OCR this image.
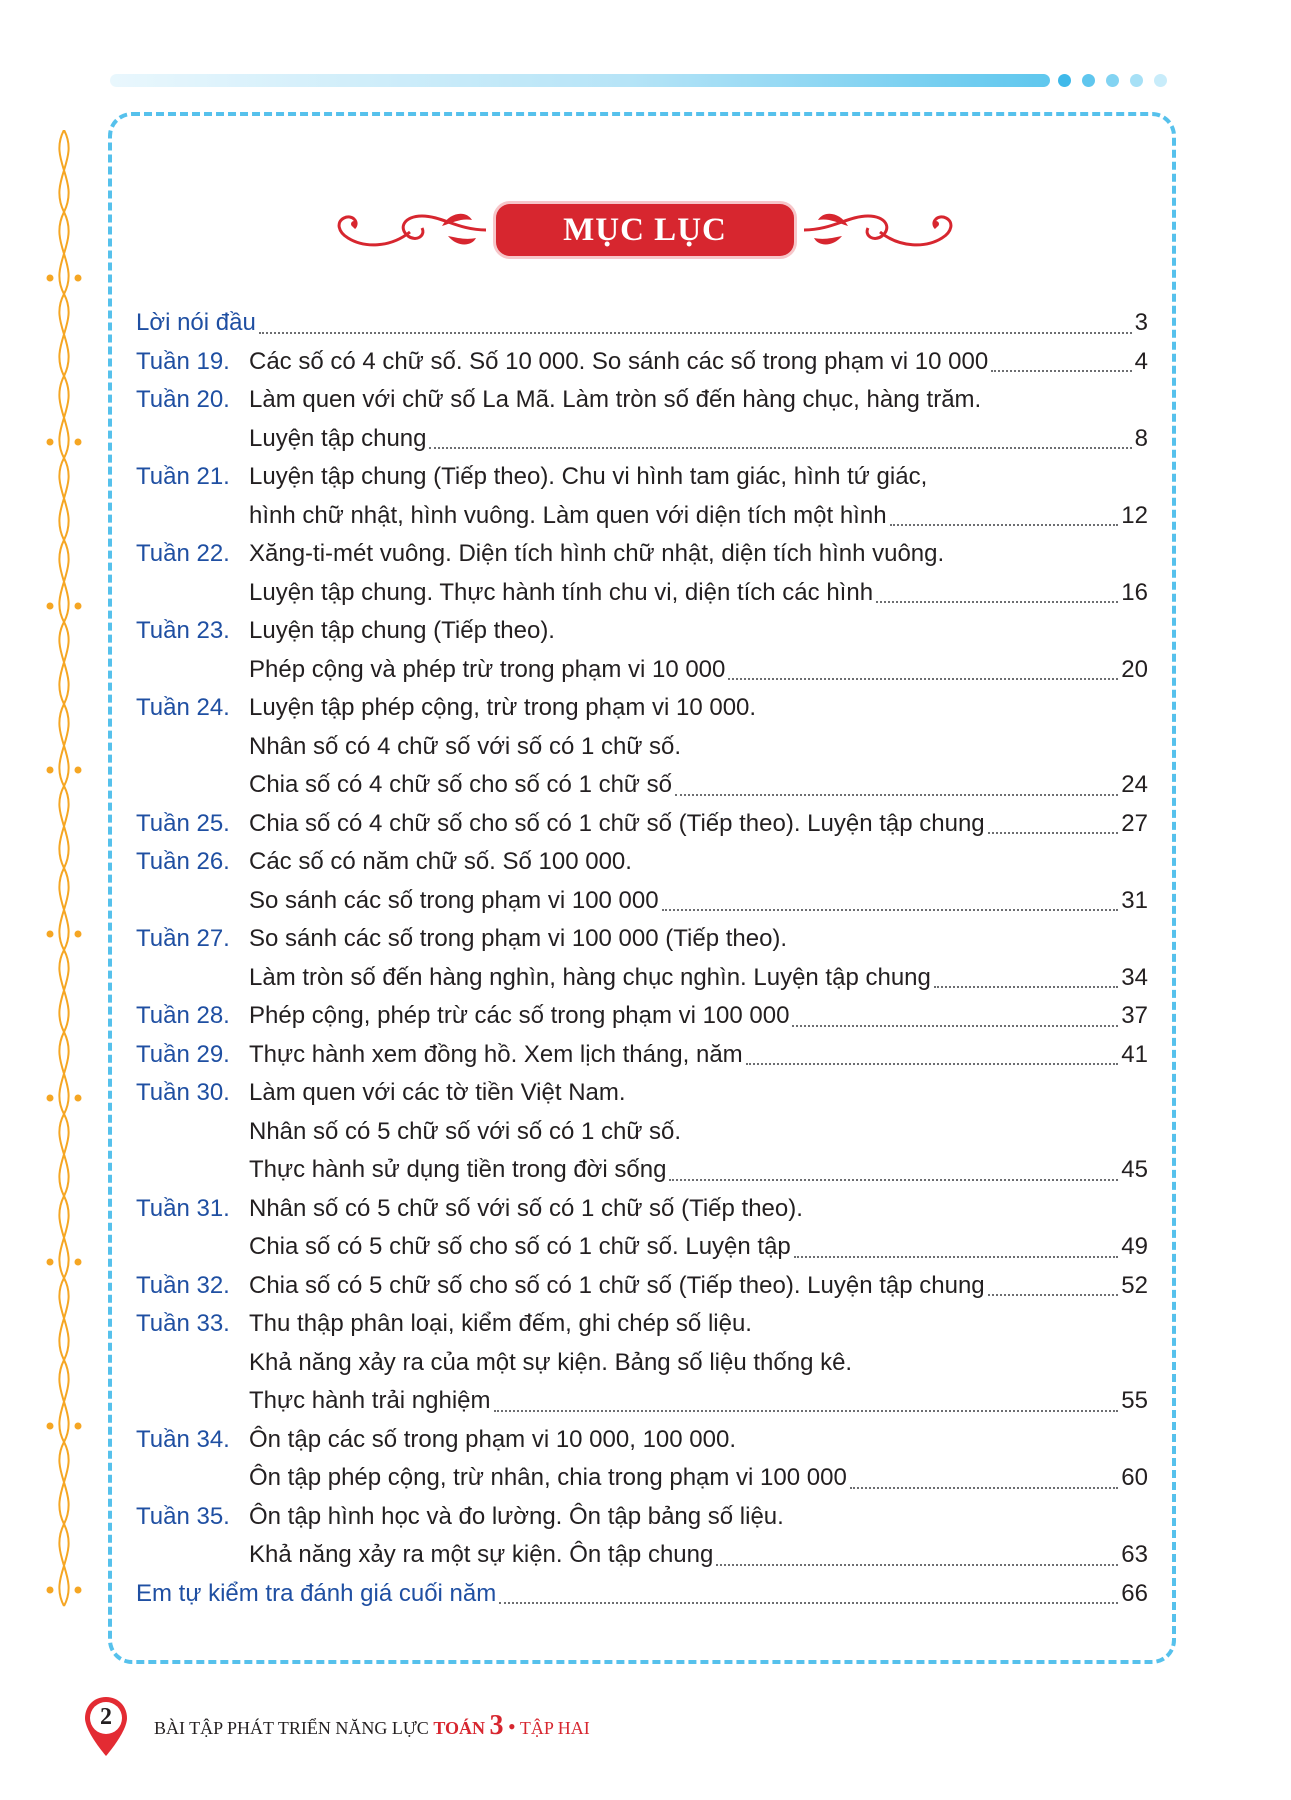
MỤC LỤC
Lời nói đầu	3
Tuần 19. Các số có 4 chữ số. Số 10 000. So sánh các số trong phạm vi 10 000	4
Tuần 20. Làm quen với chữ số La Mã. Làm tròn số đến hàng chục, hàng trăm.
Luyện tập chung	8
Tuần 21. Luyện tập chung (Tiếp theo). Chu vi hình tam giác, hình tứ giác,
hình chữ nhật, hình vuông. Làm quen với diện tích một hình	12
Tuần 22. Xăng-ti-mét vuông. Diện tích hình chữ nhật, diện tích hình vuông.
Luyện tập chung. Thực hành tính chu vi, diện tích các hình	16
Tuần 23. Luyện tập chung (Tiếp theo).
Phép cộng và phép trừ trong phạm vi 10 000	20
Tuần 24. Luyện tập phép cộng, trừ trong phạm vi 10 000.
Nhân số có 4 chữ số với số có 1 chữ số.
Chia số có 4 chữ số cho số có 1 chữ số	24
Tuần 25. Chia số có 4 chữ số cho số có 1 chữ số (Tiếp theo). Luyện tập chung	27
Tuần 26. Các số có năm chữ số. Số 100 000.
So sánh các số trong phạm vi 100 000	31
Tuần 27. So sánh các số trong phạm vi 100 000 (Tiếp theo).
Làm tròn số đến hàng nghìn, hàng chục nghìn. Luyện tập chung	34
Tuần 28. Phép cộng, phép trừ các số trong phạm vi 100 000	37
Tuần 29. Thực hành xem đồng hồ. Xem lịch tháng, năm	41
Tuần 30. Làm quen với các tờ tiền Việt Nam.
Nhân số có 5 chữ số với số có 1 chữ số.
Thực hành sử dụng tiền trong đời sống	45
Tuần 31. Nhân số có 5 chữ số với số có 1 chữ số (Tiếp theo).
Chia số có 5 chữ số cho số có 1 chữ số. Luyện tập	49
Tuần 32. Chia số có 5 chữ số cho số có 1 chữ số (Tiếp theo). Luyện tập chung	52
Tuần 33. Thu thập phân loại, kiểm đếm, ghi chép số liệu.
Khả năng xảy ra của một sự kiện. Bảng số liệu thống kê.
Thực hành trải nghiệm	55
Tuần 34. Ôn tập các số trong phạm vi 10 000, 100 000.
Ôn tập phép cộng, trừ nhân, chia trong phạm vi 100 000	60
Tuần 35. Ôn tập hình học và đo lường. Ôn tập bảng số liệu.
Khả năng xảy ra một sự kiện. Ôn tập chung	63
Em tự kiểm tra đánh giá cuối năm	66
2	BÀI TẬP PHÁT TRIỂN NĂNG LỰC TOÁN 3 • TẬP HAI
